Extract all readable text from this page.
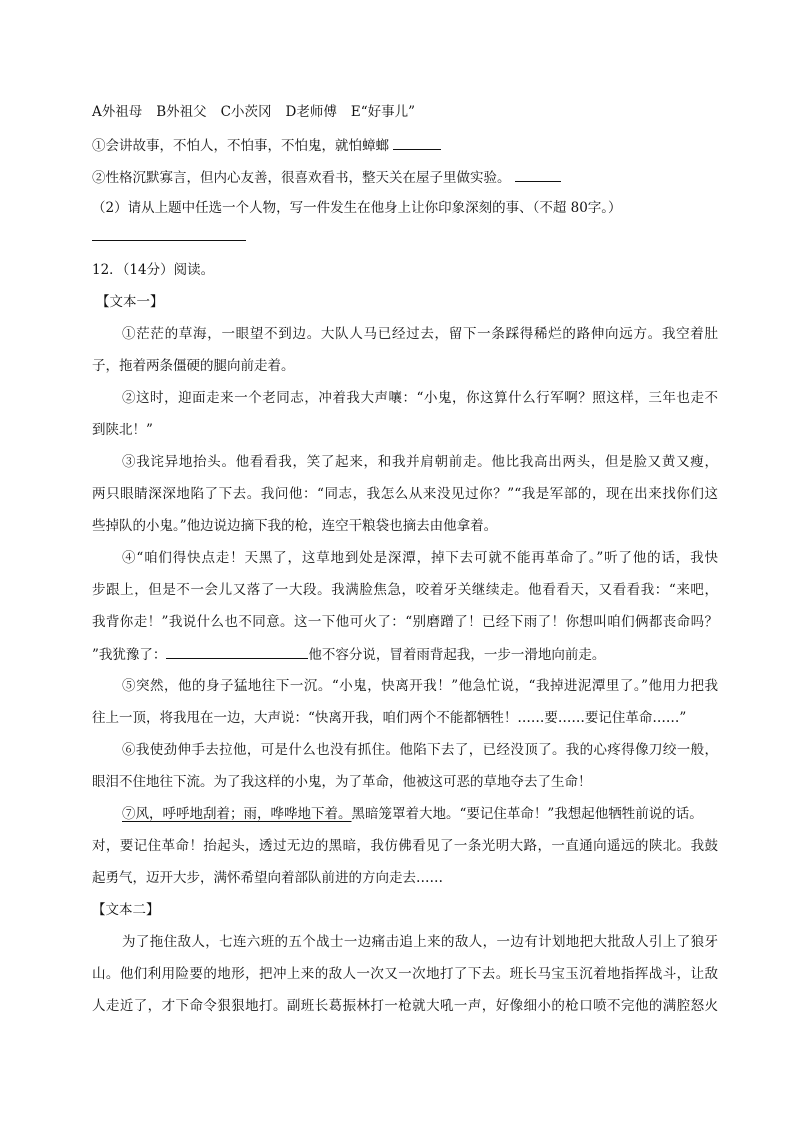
A外祖母 B外祖父 C小茨冈 D老师傅 E“好事儿”
①会讲故事，不怕人，不怕事，不怕鬼，就怕蟑螂
②性格沉默寡言，但内心友善，很喜欢看书，整天关在屋子里做实验。
（2）请从上题中任选一个人物，写一件发生在他身上让你印象深刻的事、（不超 80字。）
12．（14分）阅读。
【文本一】
①茫茫的草海，一眼望不到边。大队人马已经过去，留下一条踩得稀烂的路伸向远方。我空着肚
子，拖着两条僵硬的腿向前走着。
②这时，迎面走来一个老同志，冲着我大声嚷：“小鬼，你这算什么行军啊？照这样，三年也走不
到陕北！”
③我诧异地抬头。他看看我，笑了起来，和我并肩朝前走。他比我高出两头，但是脸又黄又瘦，
两只眼睛深深地陷了下去。我问他：“同志，我怎么从来没见过你？”“我是军部的，现在出来找你们这
些掉队的小鬼。”他边说边摘下我的枪，连空干粮袋也摘去由他拿着。
④“咱们得快点走！天黑了，这草地到处是深潭，掉下去可就不能再革命了。”听了他的话，我快
步跟上，但是不一会儿又落了一大段。我满脸焦急，咬着牙关继续走。他看看天，又看看我：“来吧，
我背你走！”我说什么也不同意。这一下他可火了：“别磨蹭了！已经下雨了！你想叫咱们俩都丧命吗？
”我犹豫了：	他不容分说，冒着雨背起我，一步一滑地向前走。
⑤突然，他的身子猛地往下一沉。“小鬼，快离开我！”他急忙说，“我掉进泥潭里了。”他用力把我
往上一顶，将我甩在一边，大声说：“快离开我，咱们两个不能都牺牲！……要……要记住革命……”
⑥我使劲伸手去拉他，可是什么也没有抓住。他陷下去了，已经没顶了。我的心疼得像刀绞一般，
眼泪不住地往下流。为了我这样的小鬼，为了革命，他被这可恶的草地夺去了生命！
⑦风，呼呼地刮着；雨，哗哗地下着。黑暗笼罩着大地。“要记住革命！”我想起他牺牲前说的话。
对，要记住革命！抬起头，透过无边的黑暗，我仿佛看见了一条光明大路，一直通向遥远的陕北。我鼓
起勇气，迈开大步，满怀希望向着部队前进的方向走去……
【文本二】
为了拖住敌人，七连六班的五个战士一边痛击追上来的敌人，一边有计划地把大批敌人引上了狼牙
山。他们利用险要的地形，把冲上来的敌人一次又一次地打了下去。班长马宝玉沉着地指挥战斗，让敌
人走近了，才下命令狠狠地打。副班长葛振林打一枪就大吼一声，好像细小的枪口喷不完他的满腔怒火
